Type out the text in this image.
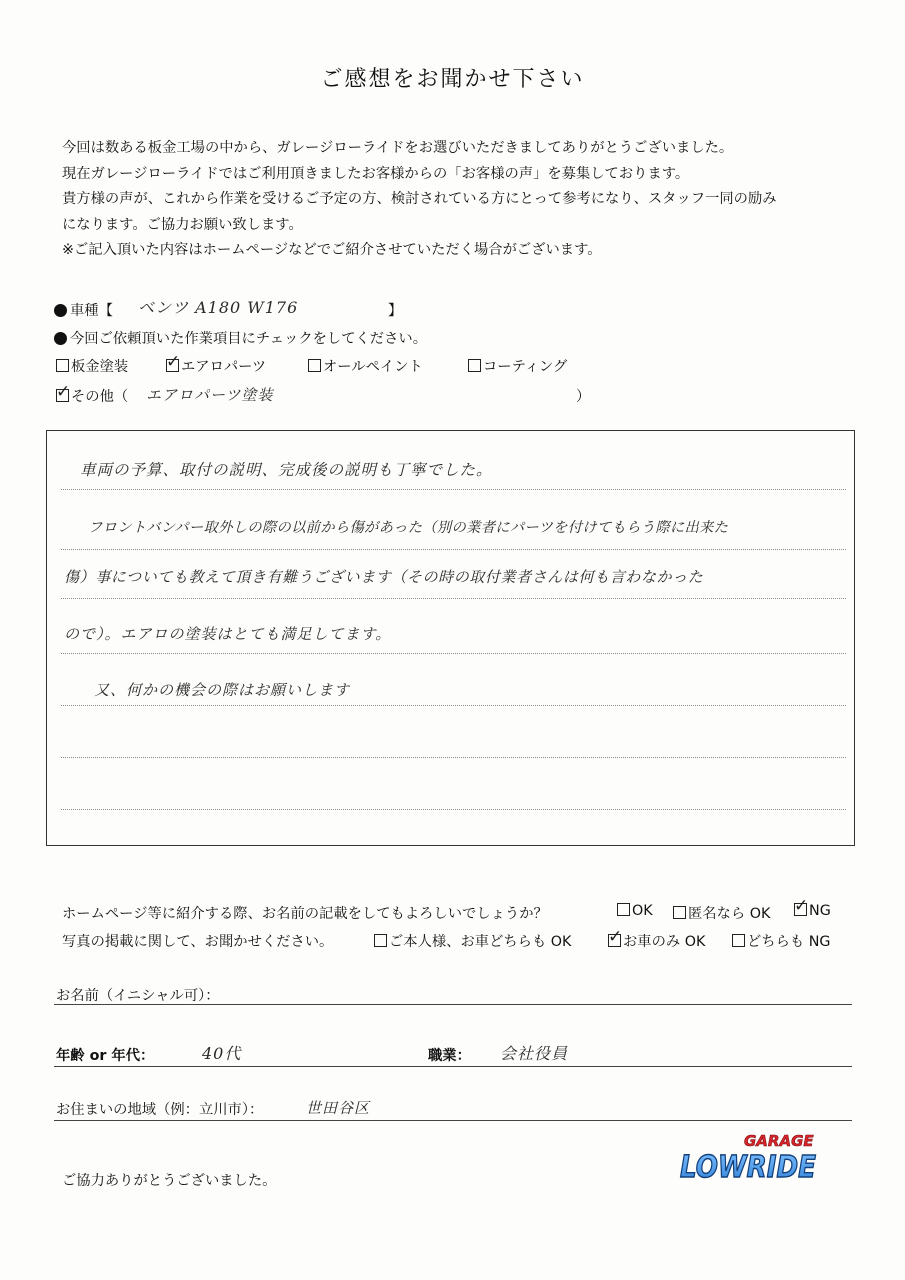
ご感想をお聞かせ下さい
今回は数ある板金工場の中から、ガレージローライドをお選びいただきましてありがとうございました。
現在ガレージローライドではご利用頂きましたお客様からの「お客様の声」を募集しております。
貴方様の声が、これから作業を受けるご予定の方、検討されている方にとって参考になり、スタッフ一同の励み
になります。ご協力お願い致します。
※ご記入頂いた内容はホームページなどでご紹介させていただく場合がございます。
車種【 ベンツ A180 W176	】
今回ご依頼頂いた作業項目にチェックをしてください。
板金塗装 ✓	エアロパーツ	オールペイント	コーティング
✓その他（ エアロパーツ塗装	）
車両の予算、取付の説明、完成後の説明も丁寧でした。
フロントバンパー取外しの際の以前から傷があった（別の業者にパーツを付けてもらう際に出来た
傷）事についても教えて頂き有難うございます（その時の取付業者さんは何も言わなかった
ので）。エアロの塗装はとても満足してます。
又、何かの機会の際はお願いします
ホームページ等に紹介する際、お名前の記載をしてもよろしいでしょうか？	OK	匿名なら OK ✓	NG
写真の掲載に関して、お聞かせください。	ご本人様、お車どちらも OK ✓	お車のみ OK	どちらも NG
お名前（イニシャル可）：
年齢 or 年代：	40代	職業： 会社役員
お住まいの地域（例：立川市）：	世田谷区
ご協力ありがとうございました。
GARAGE
LOWRIDE
